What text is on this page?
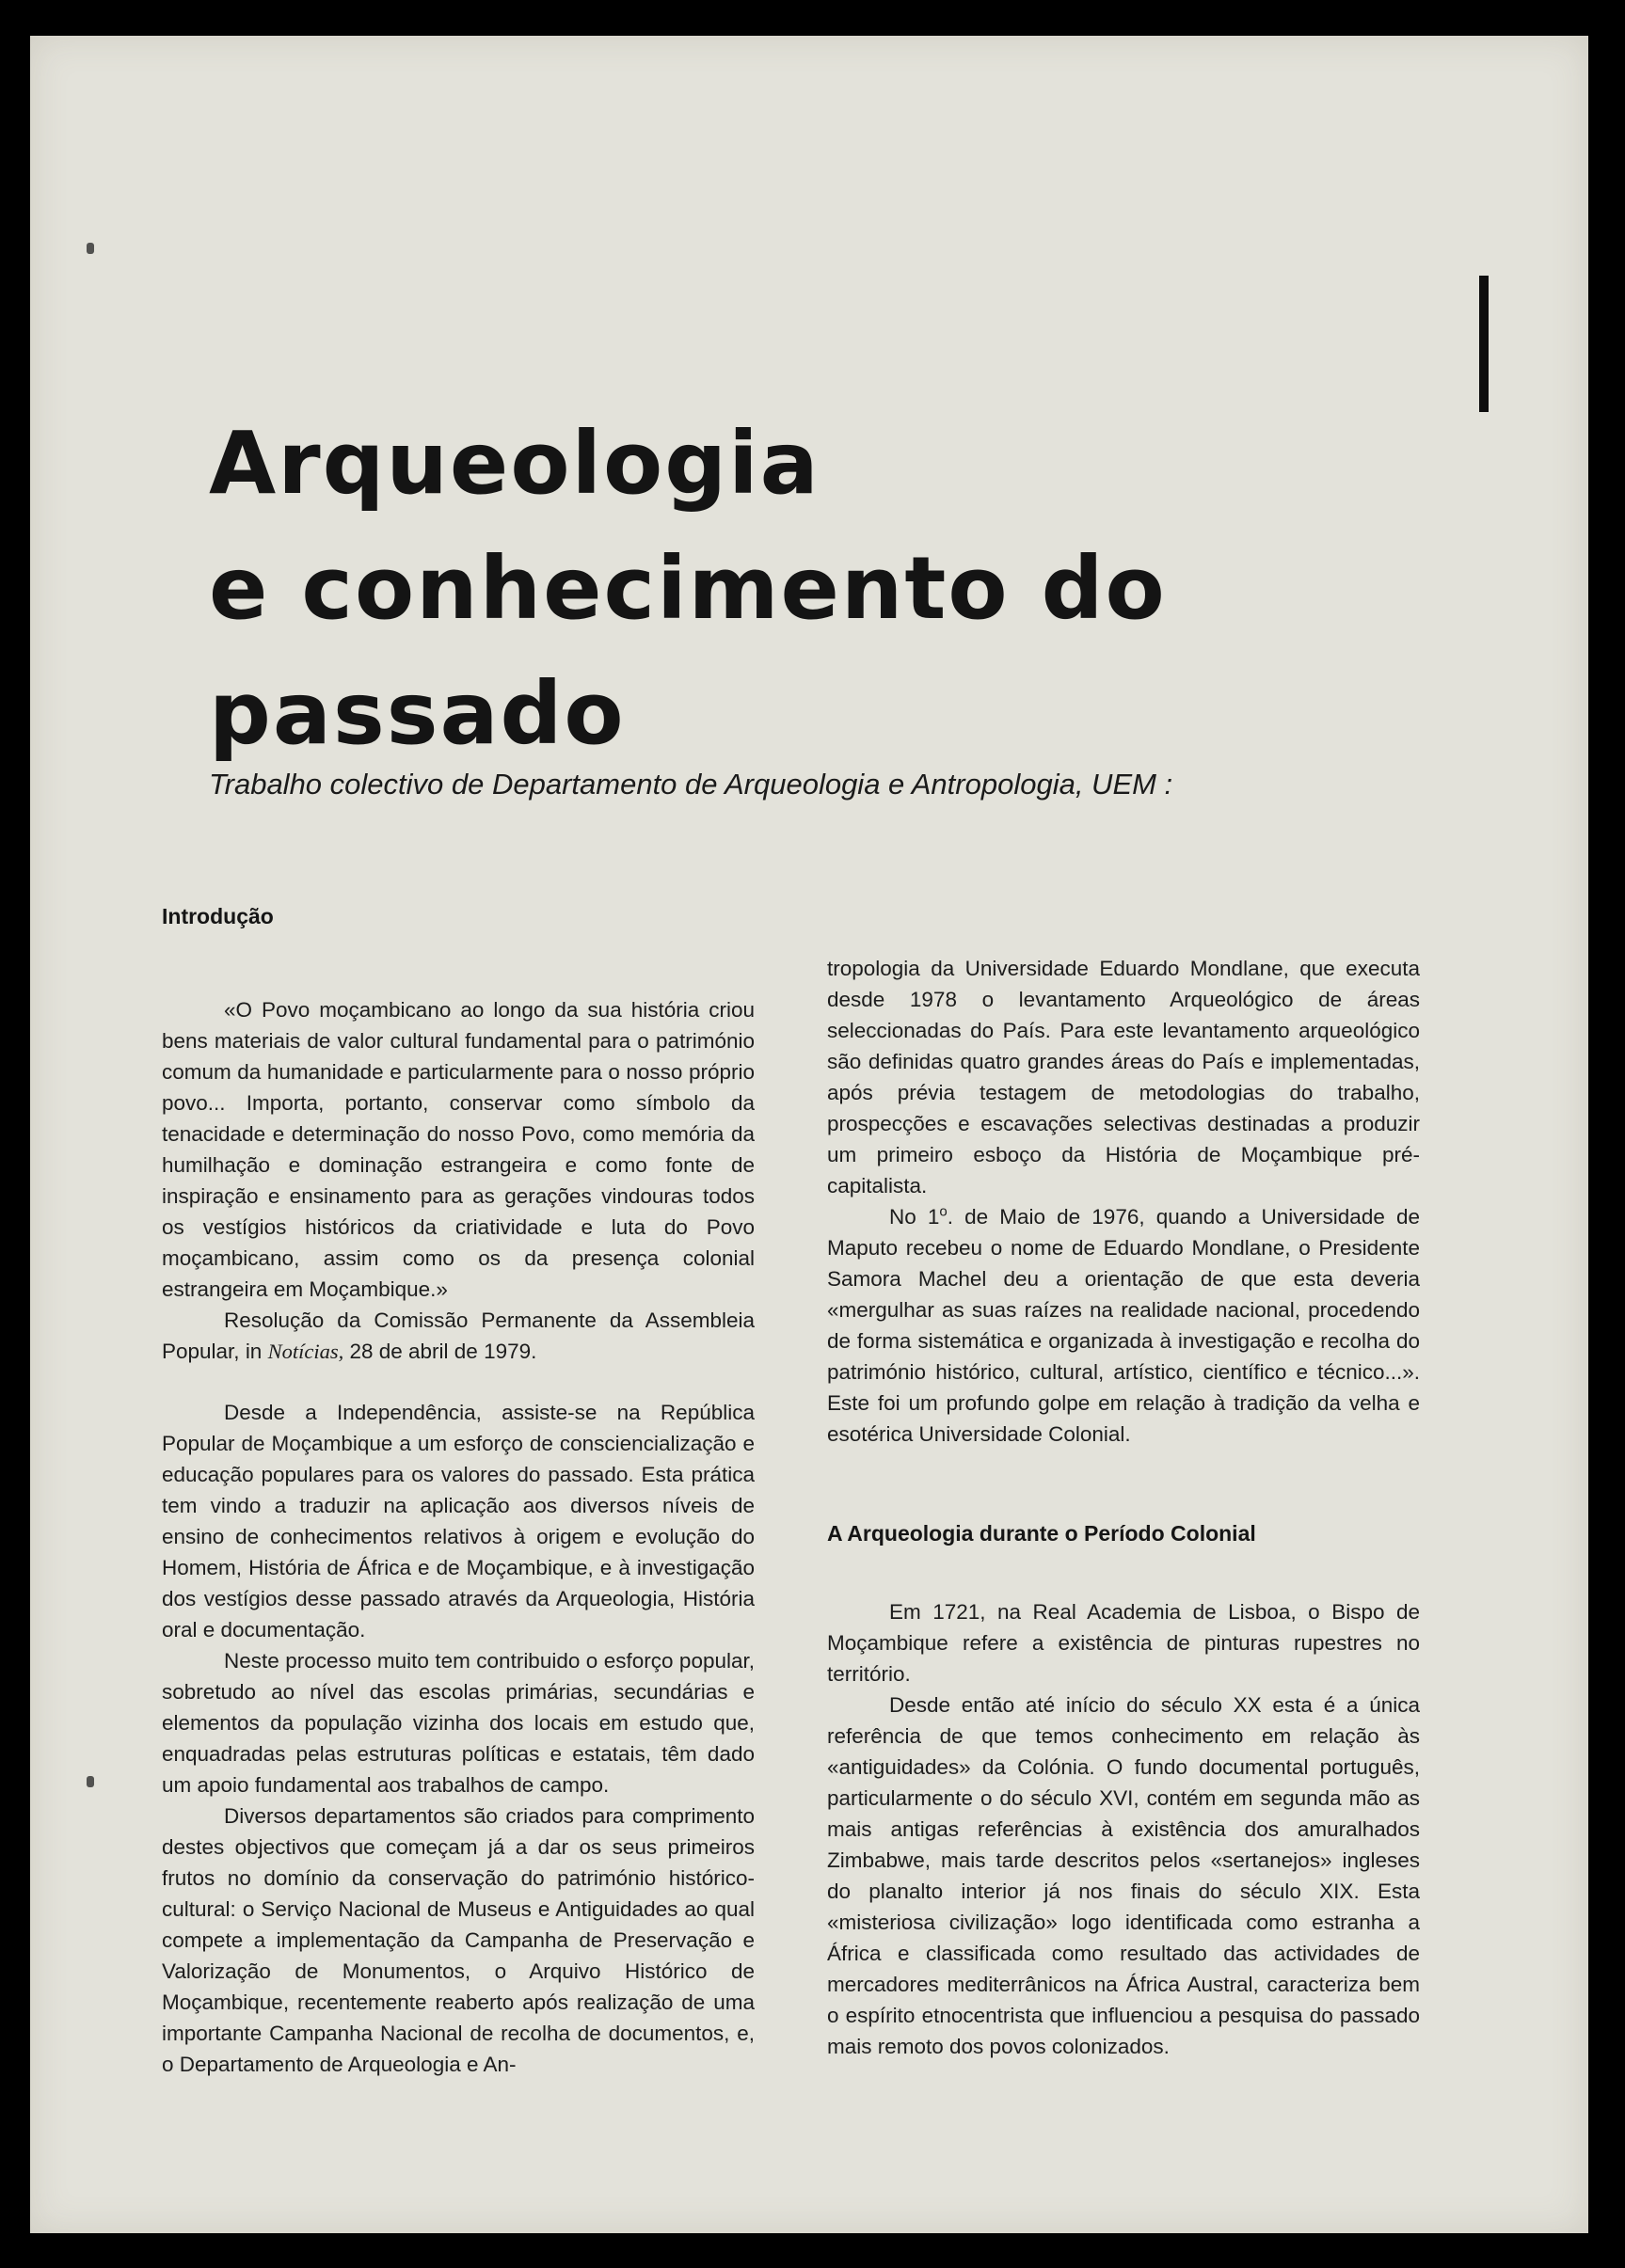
Arqueologia
e conhecimento do passado

Trabalho colectivo de Departamento de Arqueologia e Antropologia, UEM :

Introdução

«O Povo moçambicano ao longo da sua história criou bens materiais de valor cultural fundamental para o património comum da humanidade e particularmente para o nosso próprio povo... Importa, portanto, conservar como símbolo da tenacidade e determinação do nosso Povo, como memória da humilhação e dominação estrangeira e como fonte de inspiração e ensinamento para as gerações vindouras todos os vestígios históricos da criatividade e luta do Povo moçambicano, assim como os da presença colonial estrangeira em Moçambique.»

Resolução da Comissão Permanente da Assembleia Popular, in Notícias, 28 de abril de 1979.

Desde a Independência, assiste-se na República Popular de Moçambique a um esforço de consciencialização e educação populares para os valores do passado. Esta prática tem vindo a traduzir na aplicação aos diversos níveis de ensino de conhecimentos relativos à origem e evolução do Homem, História de África e de Moçambique, e à investigação dos vestígios desse passado através da Arqueologia, História oral e documentação.

Neste processo muito tem contribuido o esforço popular, sobretudo ao nível das escolas primárias, secundárias e elementos da população vizinha dos locais em estudo que, enquadradas pelas estruturas políticas e estatais, têm dado um apoio fundamental aos trabalhos de campo.

Diversos departamentos são criados para comprimento destes objectivos que começam já a dar os seus primeiros frutos no domínio da conservação do património histórico-cultural: o Serviço Nacional de Museus e Antiguidades ao qual compete a implementação da Campanha de Preservação e Valorização de Monumentos, o Arquivo Histórico de Moçambique, recentemente reaberto após realização de uma importante Campanha Nacional de recolha de documentos, e, o Departamento de Arqueologia e An-

tropologia da Universidade Eduardo Mondlane, que executa desde 1978 o levantamento Arqueológico de áreas seleccionadas do País. Para este levantamento arqueológico são definidas quatro grandes áreas do País e implementadas, após prévia testagem de metodologias do trabalho, prospecções e escavações selectivas destinadas a produzir um primeiro esboço da História de Moçambique pré-capitalista.

No 1$^o$. de Maio de 1976, quando a Universidade de Maputo recebeu o nome de Eduardo Mondlane, o Presidente Samora Machel deu a orientação de que esta deveria «mergulhar as suas raízes na realidade nacional, procedendo de forma sistemática e organizada à investigação e recolha do património histórico, cultural, artístico, científico e técnico...». Este foi um profundo golpe em relação à tradição da velha e esotérica Universidade Colonial.

A Arqueologia durante o Período Colonial

Em 1721, na Real Academia de Lisboa, o Bispo de Moçambique refere a existência de pinturas rupestres no território.

Desde então até início do século XX esta é a única referência de que temos conhecimento em relação às «antiguidades» da Colónia. O fundo documental português, particularmente o do século XVI, contém em segunda mão as mais antigas referências à existência dos amuralhados Zimbabwe, mais tarde descritos pelos «sertanejos» ingleses do planalto interior já nos finais do século XIX. Esta «misteriosa civilização» logo identificada como estranha a África e classificada como resultado das actividades de mercadores mediterrânicos na África Austral, caracteriza bem o espírito etnocentrista que influenciou a pesquisa do passado mais remoto dos povos colonizados.
